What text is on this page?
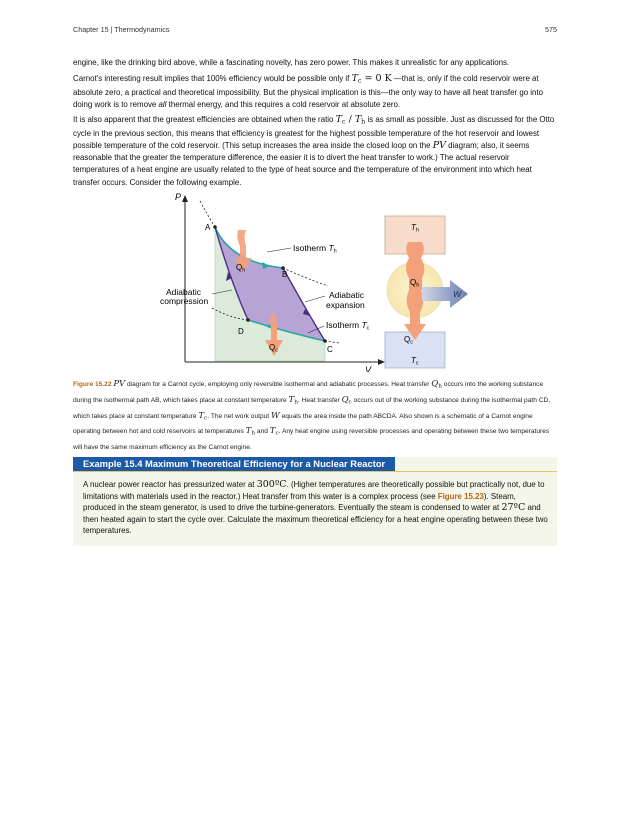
Chapter 15 | Thermodynamics	575

engine, like the drinking bird above, while a fascinating novelty, has zero power. This makes it unrealistic for any applications.

Carnot's interesting result implies that 100% efficiency would be possible only if $T_c = 0$ K —that is, only if the cold reservoir were at absolute zero, a practical and theoretical impossibility. But the physical implication is this—the only way to have all heat transfer go into doing work is to remove all thermal energy, and this requires a cold reservoir at absolute zero.

It is also apparent that the greatest efficiencies are obtained when the ratio $T_c / T_h$ is as small as possible. Just as discussed for the Otto cycle in the previous section, this means that efficiency is greatest for the highest possible temperature of the hot reservoir and lowest possible temperature of the cold reservoir. (This setup increases the area inside the closed loop on the PV diagram; also, it seems reasonable that the greater the temperature difference, the easier it is to divert the heat transfer to work.) The actual reservoir temperatures of a heat engine are usually related to the type of heat source and the temperature of the environment into which heat transfer occurs. Consider the following example.

Qh
Qc
A
B
C
D
P
V
Isotherm Th
Adiabatic
compression
Adiabatic
expansion
Isotherm Tc
Th
Tc
W
Qh
Qc
Figure 15.22 PV diagram for a Carnot cycle, employing only reversible isothermal and adiabatic processes. Heat transfer $Q_h$ occurs into the working substance during the isothermal path AB, which takes place at constant temperature $T_h$. Heat transfer $Q_c$ occurs out of the working substance during the isothermal path CD, which takes place at constant temperature $T_c$. The net work output W equals the area inside the path ABCDA. Also shown is a schematic of a Carnot engine operating between hot and cold reservoirs at temperatures $T_h$ and $T_c$. Any heat engine using reversible processes and operating between these two temperatures will have the same maximum efficiency as the Carnot engine.
Example 15.4 Maximum Theoretical Efficiency for a Nuclear Reactor
A nuclear power reactor has pressurized water at 300ºC. (Higher temperatures are theoretically possible but practically not, due to limitations with materials used in the reactor.) Heat transfer from this water is a complex process (see Figure 15.23). Steam, produced in the steam generator, is used to drive the turbine-generators. Eventually the steam is condensed to water at 27ºC and then heated again to start the cycle over. Calculate the maximum theoretical efficiency for a heat engine operating between these two temperatures.
